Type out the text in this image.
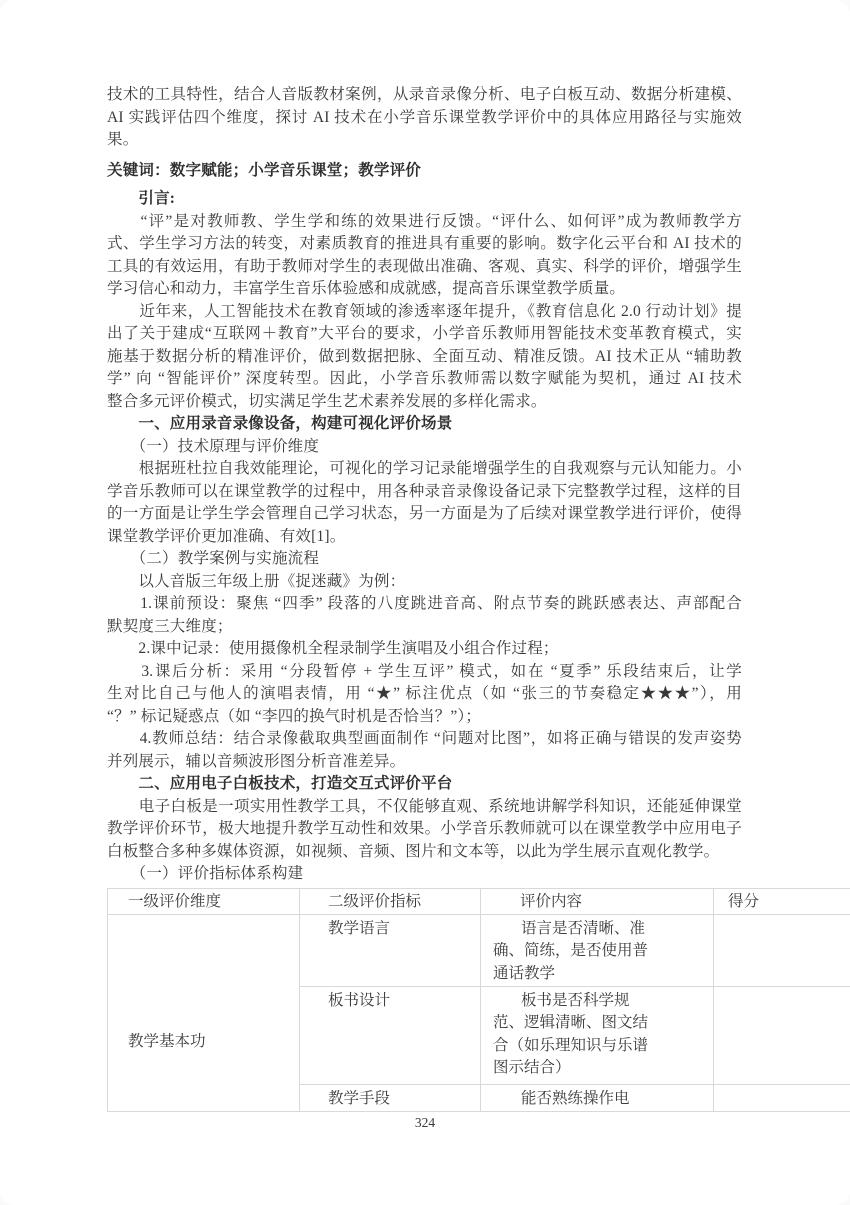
技术的工具特性，结合人音版教材案例，从录音录像分析、电子白板互动、数据分析建模、
AI 实践评估四个维度，探讨 AI 技术在小学音乐课堂教学评价中的具体应用路径与实施效
果。
关键词：数字赋能；小学音乐课堂；教学评价
　　引言:
　　“评”是对教师教、学生学和练的效果进行反馈。“评什么、如何评”成为教师教学方
式、学生学习方法的转变，对素质教育的推进具有重要的影响。数字化云平台和 AI 技术的
工具的有效运用，有助于教师对学生的表现做出准确、客观、真实、科学的评价，增强学生
学习信心和动力，丰富学生音乐体验感和成就感，提高音乐课堂教学质量。
　　近年来，人工智能技术在教育领域的渗透率逐年提升，《教育信息化 2.0 行动计划》提
出了关于建成“互联网＋教育”大平台的要求，小学音乐教师用智能技术变革教育模式，实
施基于数据分析的精准评价，做到数据把脉、全面互动、精准反馈。AI 技术正从 “辅助教
学” 向 “智能评价” 深度转型。因此，小学音乐教师需以数字赋能为契机，通过 AI 技术
整合多元评价模式，切实满足学生艺术素养发展的多样化需求。
　　一、应用录音录像设备，构建可视化评价场景
　　（一）技术原理与评价维度
　　根据班杜拉自我效能理论，可视化的学习记录能增强学生的自我观察与元认知能力。小
学音乐教师可以在课堂教学的过程中，用各种录音录像设备记录下完整教学过程，这样的目
的一方面是让学生学会管理自己学习状态，另一方面是为了后续对课堂教学进行评价，使得
课堂教学评价更加准确、有效[1]。
　　（二）教学案例与实施流程
　　以人音版三年级上册《捉迷藏》为例：
　　1.课前预设：聚焦 “四季” 段落的八度跳进音高、附点节奏的跳跃感表达、声部配合
默契度三大维度；
　　2.课中记录：使用摄像机全程录制学生演唱及小组合作过程；
　　3.课后分析：采用 “分段暂停 + 学生互评” 模式，如在 “夏季” 乐段结束后，让学
生对比自己与他人的演唱表情，用 “★” 标注优点（如 “张三的节奏稳定★★★”），用
“？” 标记疑惑点（如 “李四的换气时机是否恰当？”）；
　　4.教师总结：结合录像截取典型画面制作 “问题对比图”，如将正确与错误的发声姿势
并列展示，辅以音频波形图分析音准差异。
　　二、应用电子白板技术，打造交互式评价平台
　　电子白板是一项实用性教学工具，不仅能够直观、系统地讲解学科知识，还能延伸课堂
教学评价环节，极大地提升教学互动性和效果。小学音乐教师就可以在课堂教学中应用电子
白板整合多种多媒体资源，如视频、音频、图片和文本等，以此为学生展示直观化教学。
　　（一）评价指标体系构建
一级评价维度	二级评价指标	评价内容	得分
教学基本功	教学语言	语言是否清晰、准
确、简练，是否使用普
通话教学	

	板书设计	板书是否科学规
范、逻辑清晰、图文结
合（如乐理知识与乐谱
图示结合）	

	教学手段	能否熟练操作电	

324
